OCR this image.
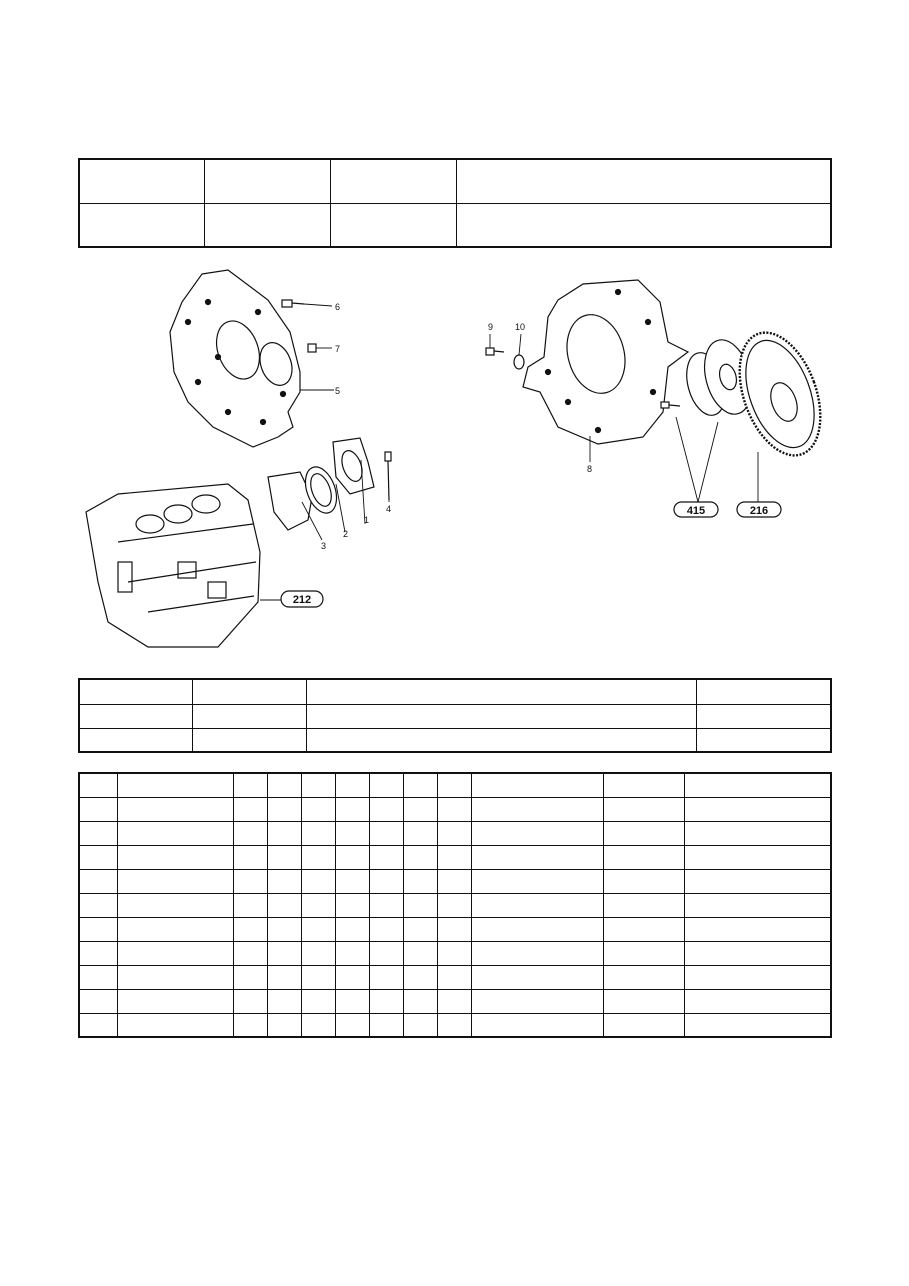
1
2
3
4
5
6
7
8
9 10
212
415	216
